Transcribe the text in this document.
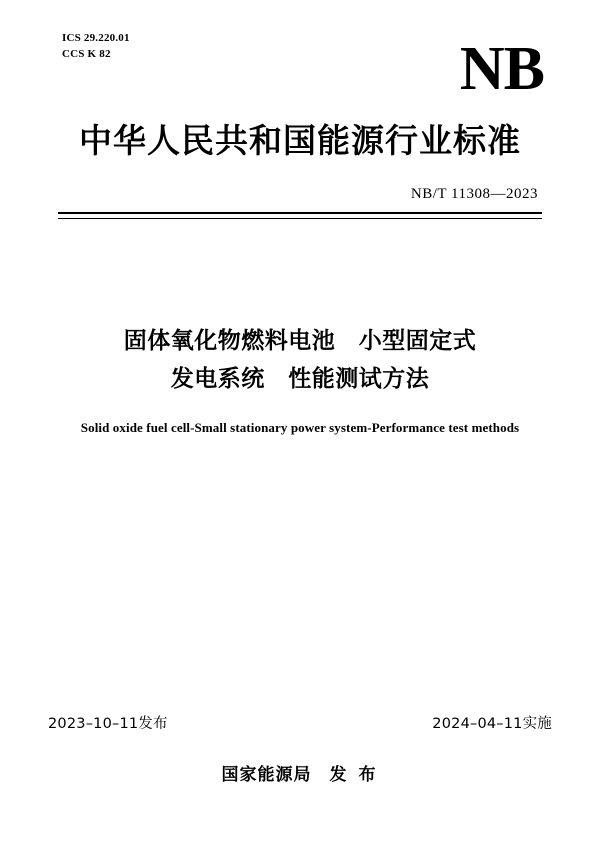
ICS 29.220.01
CCS K 82	NB
中华人民共和国能源行业标准
NB/T 11308—2023
固体氧化物燃料电池　小型固定式
发电系统　性能测试方法
Solid oxide fuel cell-Small stationary power system-Performance test methods
2023–10–11发布	2024–04–11实施
国家能源局 发 布
